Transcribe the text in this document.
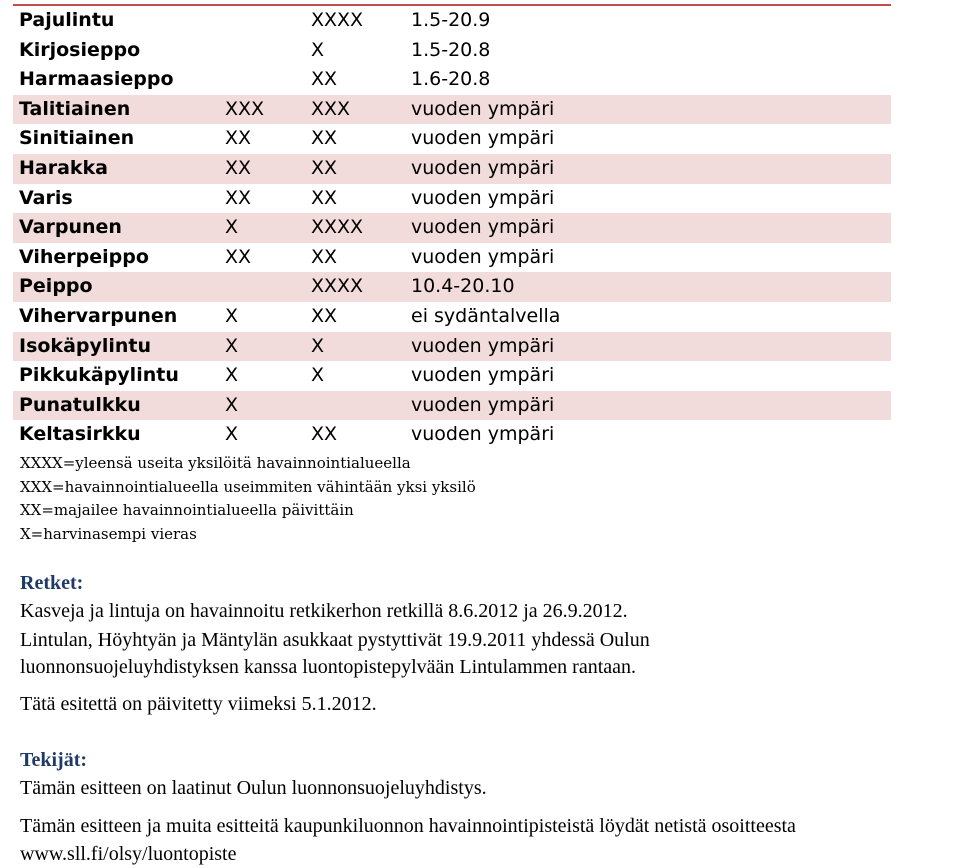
Pajulintu		XXXX	1.5-20.9
Kirjosieppo		X	1.5-20.8
Harmaasieppo		XX	1.6-20.8
Talitiainen	XXX	XXX	vuoden ympäri
Sinitiainen	XX	XX	vuoden ympäri
Harakka	XX	XX	vuoden ympäri
Varis	XX	XX	vuoden ympäri
Varpunen	X	XXXX	vuoden ympäri
Viherpeippo	XX	XX	vuoden ympäri
Peippo		XXXX	10.4-20.10
Vihervarpunen	X	XX	ei sydäntalvella
Isokäpylintu	X	X	vuoden ympäri
Pikkukäpylintu	X	X	vuoden ympäri
Punatulkku	X		vuoden ympäri
Keltasirkku	X	XX	vuoden ympäri
XXXX=yleensä useita yksilöitä havainnointialueella
XXX=havainnointialueella useimmiten vähintään yksi yksilö
XX=majailee havainnointialueella päivittäin
X=harvinasempi vieras
Retket:
Kasveja ja lintuja on havainnoitu retkikerhon retkillä 8.6.2012 ja 26.9.2012.
Lintulan, Höyhtyän ja Mäntylän asukkaat pystyttivät 19.9.2011 yhdessä Oulun
luonnonsuojeluyhdistyksen kanssa luontopistepylvään Lintulammen rantaan.
Tätä esitettä on päivitetty viimeksi 5.1.2012.
Tekijät:
Tämän esitteen on laatinut Oulun luonnonsuojeluyhdistys.
Tämän esitteen ja muita esitteitä kaupunkiluonnon havainnointipisteistä löydät netistä osoitteesta
www.sll.fi/olsy/luontopiste
